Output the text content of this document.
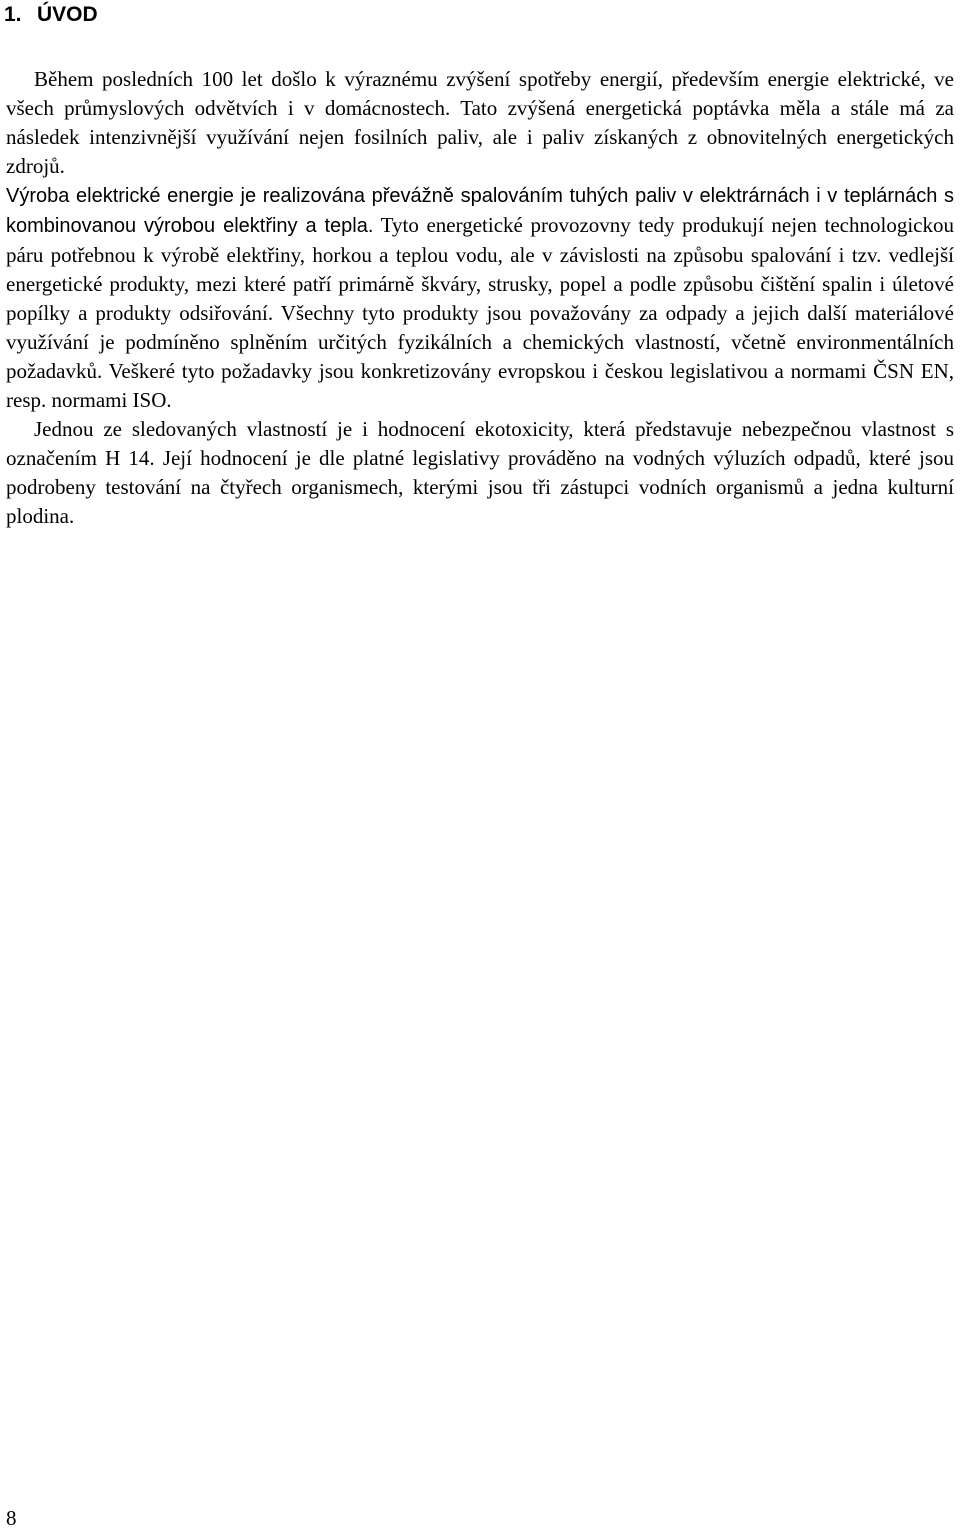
1. ÚVOD

Během posledních 100 let došlo k výraznému zvýšení spotřeby energií, především energie elektrické, ve všech průmyslových odvětvích i v domácnostech. Tato zvýšená energetická poptávka měla a stále má za následek intenzivnější využívání nejen fosilních paliv, ale i paliv získaných z obnovitelných energetických zdrojů.
Výroba elektrické energie je realizována převážně spalováním tuhých paliv v elektrárnách i v teplárnách s kombinovanou výrobou elektřiny a tepla. Tyto energetické provozovny tedy produkují nejen technologickou páru potřebnou k výrobě elektřiny, horkou a teplou vodu, ale v závislosti na způsobu spalování i tzv. vedlejší energetické produkty, mezi které patří primárně škváry, strusky, popel a podle způsobu čištění spalin i úletové popílky a produkty odsiřování. Všechny tyto produkty jsou považovány za odpady a jejich další materiálové využívání je podmíněno splněním určitých fyzikálních a chemických vlastností, včetně environmentálních požadavků. Veškeré tyto požadavky jsou konkretizovány evropskou i českou legislativou a normami ČSN EN, resp. normami ISO.

Jednou ze sledovaných vlastností je i hodnocení ekotoxicity, která představuje nebezpečnou vlastnost s označením H 14. Její hodnocení je dle platné legislativy prováděno na vodných výluzích odpadů, které jsou podrobeny testování na čtyřech organismech, kterými jsou tři zástupci vodních organismů a jedna kulturní plodina.

8
